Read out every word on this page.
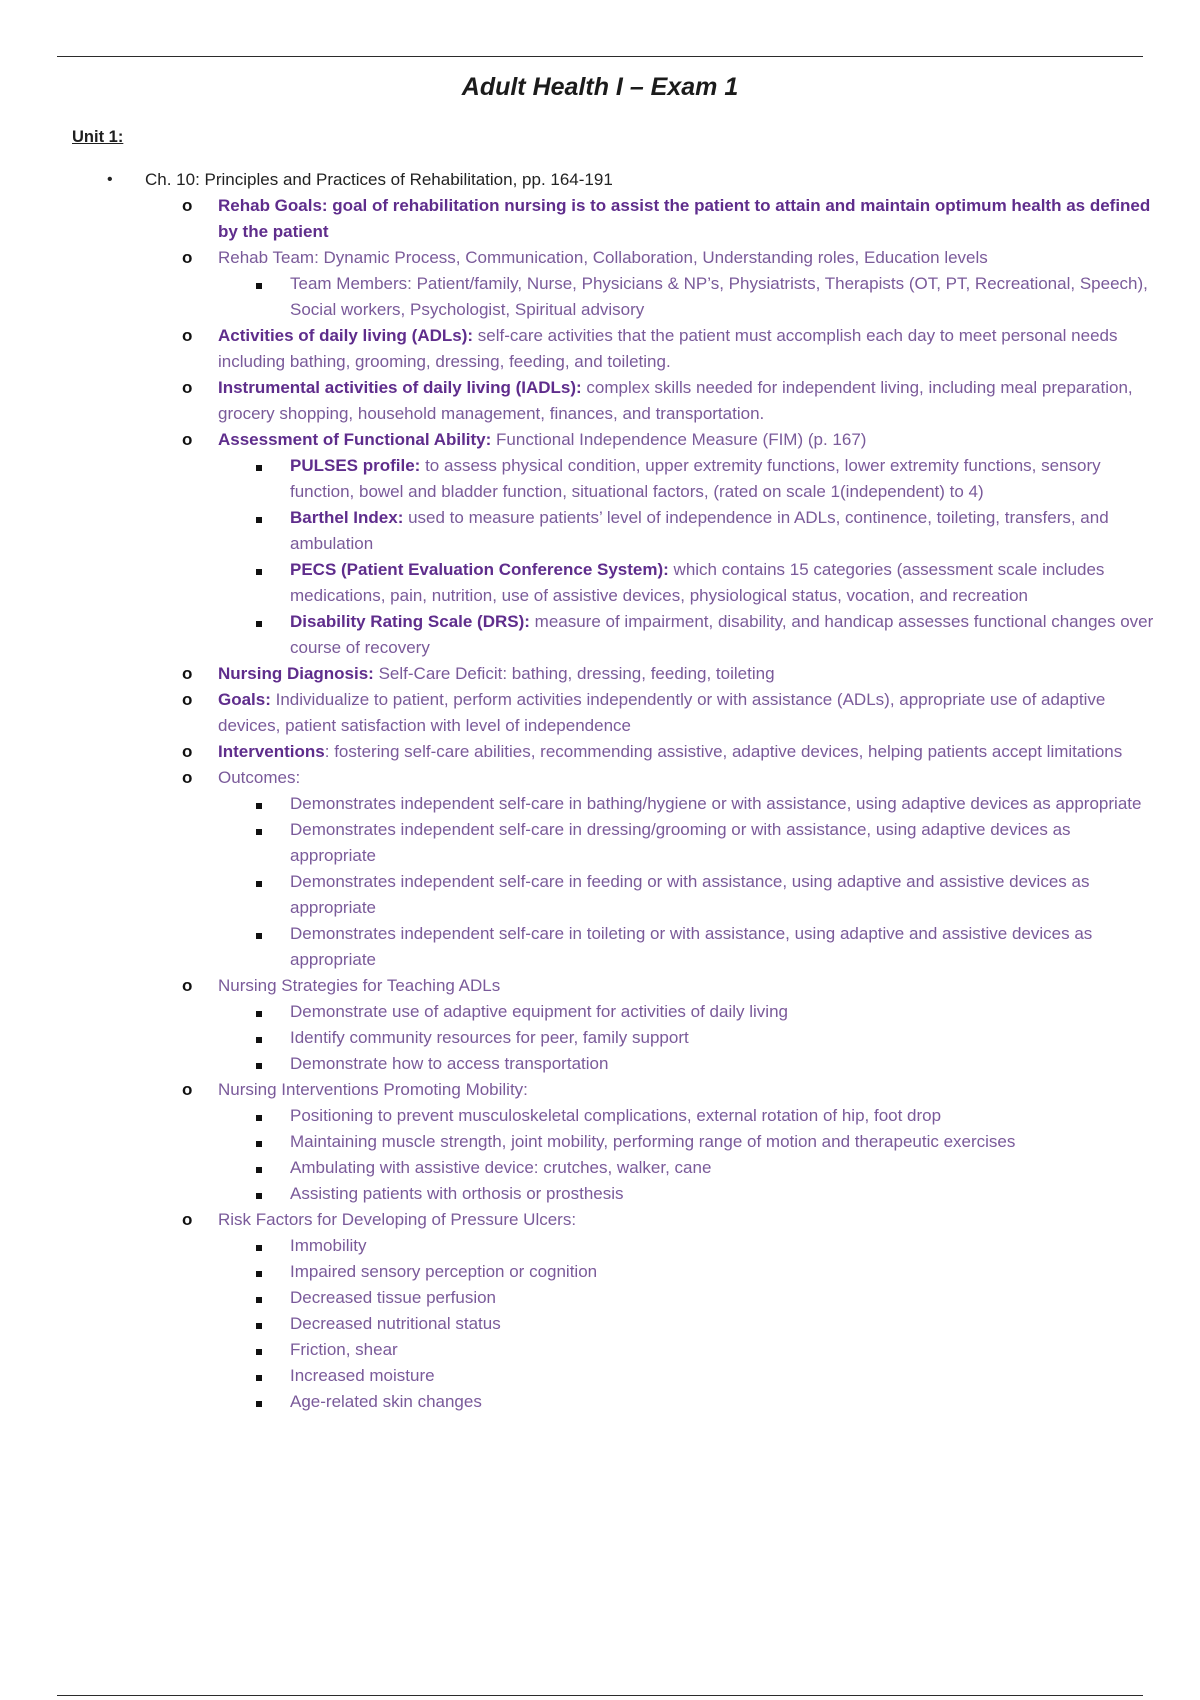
Adult Health I – Exam 1
Unit 1:
• Ch. 10: Principles and Practices of Rehabilitation, pp. 164-191
o Rehab Goals: goal of rehabilitation nursing is to assist the patient to attain and maintain optimum health as defined by the patient
o Rehab Team: Dynamic Process, Communication, Collaboration, Understanding roles, Education levels
Team Members: Patient/family, Nurse, Physicians & NP’s, Physiatrists, Therapists (OT, PT, Recreational, Speech), Social workers, Psychologist, Spiritual advisory
o Activities of daily living (ADLs): self-care activities that the patient must accomplish each day to meet personal needs including bathing, grooming, dressing, feeding, and toileting.
o Instrumental activities of daily living (IADLs): complex skills needed for independent living, including meal preparation, grocery shopping, household management, finances, and transportation.
o Assessment of Functional Ability: Functional Independence Measure (FIM) (p. 167)
PULSES profile: to assess physical condition, upper extremity functions, lower extremity functions, sensory function, bowel and bladder function, situational factors, (rated on scale 1(independent) to 4)
Barthel Index: used to measure patients’ level of independence in ADLs, continence, toileting, transfers, and ambulation
PECS (Patient Evaluation Conference System): which contains 15 categories (assessment scale includes medications, pain, nutrition, use of assistive devices, physiological status, vocation, and recreation
Disability Rating Scale (DRS): measure of impairment, disability, and handicap assesses functional changes over course of recovery
o Nursing Diagnosis: Self-Care Deficit: bathing, dressing, feeding, toileting
o Goals: Individualize to patient, perform activities independently or with assistance (ADLs), appropriate use of adaptive devices, patient satisfaction with level of independence
o Interventions: fostering self-care abilities, recommending assistive, adaptive devices, helping patients accept limitations
o Outcomes:
Demonstrates independent self-care in bathing/hygiene or with assistance, using adaptive devices as appropriate
Demonstrates independent self-care in dressing/grooming or with assistance, using adaptive devices as appropriate
Demonstrates independent self-care in feeding or with assistance, using adaptive and assistive devices as appropriate
Demonstrates independent self-care in toileting or with assistance, using adaptive and assistive devices as appropriate
o Nursing Strategies for Teaching ADLs
Demonstrate use of adaptive equipment for activities of daily living
Identify community resources for peer, family support
Demonstrate how to access transportation
o Nursing Interventions Promoting Mobility:
Positioning to prevent musculoskeletal complications, external rotation of hip, foot drop
Maintaining muscle strength, joint mobility, performing range of motion and therapeutic exercises
Ambulating with assistive device: crutches, walker, cane
Assisting patients with orthosis or prosthesis
o Risk Factors for Developing of Pressure Ulcers:
Immobility
Impaired sensory perception or cognition
Decreased tissue perfusion
Decreased nutritional status
Friction, shear
Increased moisture
Age-related skin changes
